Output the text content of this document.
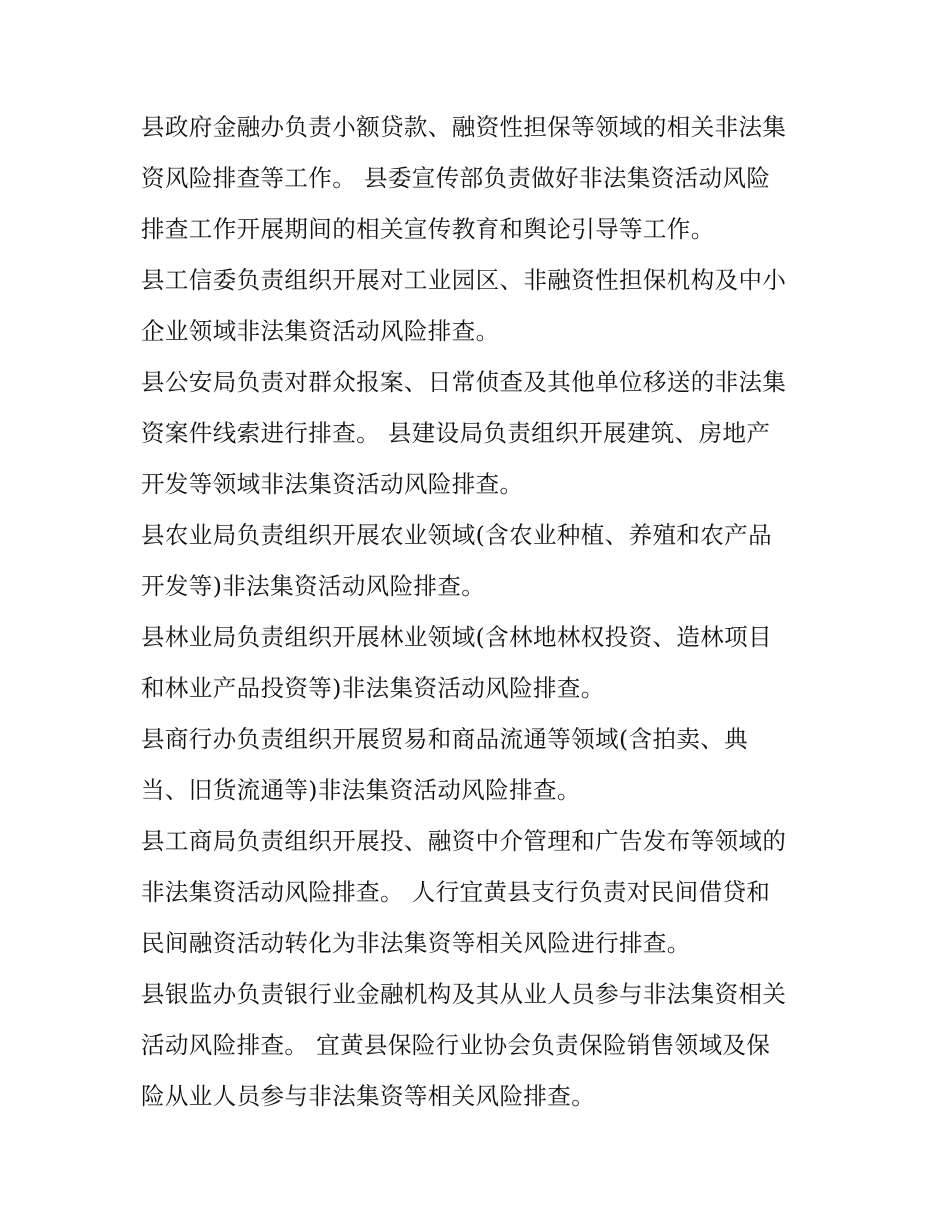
县政府金融办负责小额贷款、融资性担保等领域的相关非法集
资风险排查等工作。 县委宣传部负责做好非法集资活动风险
排查工作开展期间的相关宣传教育和舆论引导等工作。
县工信委负责组织开展对工业园区、非融资性担保机构及中小
企业领域非法集资活动风险排查。
县公安局负责对群众报案、日常侦查及其他单位移送的非法集
资案件线索进行排查。 县建设局负责组织开展建筑、房地产
开发等领域非法集资活动风险排查。
县农业局负责组织开展农业领域(含农业种植、养殖和农产品
开发等)非法集资活动风险排查。
县林业局负责组织开展林业领域(含林地林权投资、造林项目
和林业产品投资等)非法集资活动风险排查。
县商行办负责组织开展贸易和商品流通等领域(含拍卖、典
当、旧货流通等)非法集资活动风险排查。
县工商局负责组织开展投、融资中介管理和广告发布等领域的
非法集资活动风险排查。 人行宜黄县支行负责对民间借贷和
民间融资活动转化为非法集资等相关风险进行排查。
县银监办负责银行业金融机构及其从业人员参与非法集资相关
活动风险排查。 宜黄县保险行业协会负责保险销售领域及保
险从业人员参与非法集资等相关风险排查。
